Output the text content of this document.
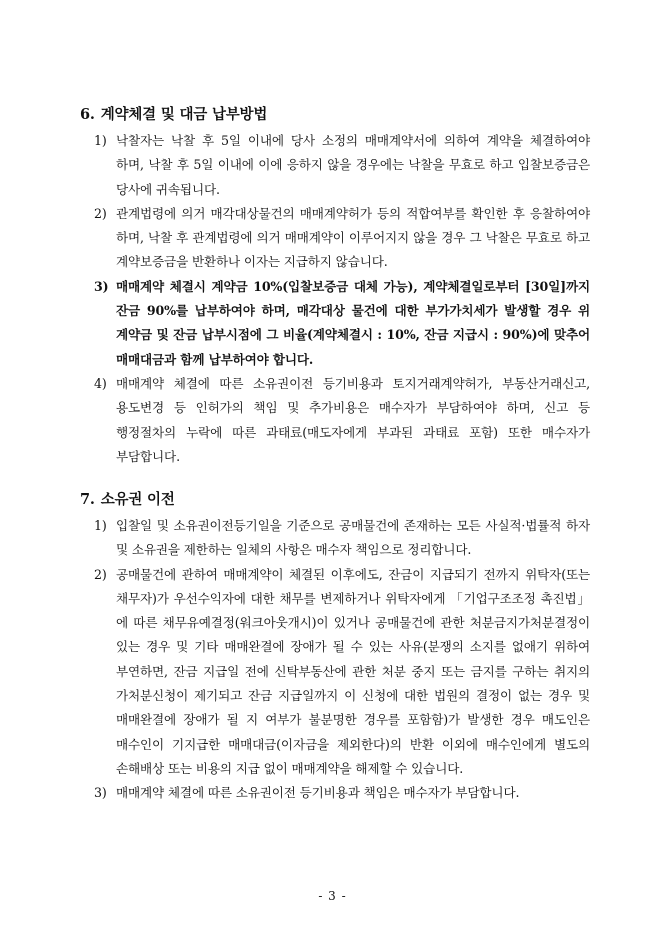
6. 계약체결 및 대금 납부방법
1) 낙찰자는 낙찰 후 5일 이내에 당사 소정의 매매계약서에 의하여 계약을 체결하여야 하며, 낙찰 후 5일 이내에 이에 응하지 않을 경우에는 낙찰을 무효로 하고 입찰보증금은 당사에 귀속됩니다.
2) 관계법령에 의거 매각대상물건의 매매계약허가 등의 적합여부를 확인한 후 응찰하여야 하며, 낙찰 후 관계법령에 의거 매매계약이 이루어지지 않을 경우 그 낙찰은 무효로 하고 계약보증금을 반환하나 이자는 지급하지 않습니다.
3) 매매계약 체결시 계약금 10%(입찰보증금 대체 가능), 계약체결일로부터 [30일]까지 잔금 90%를 납부하여야 하며, 매각대상 물건에 대한 부가가치세가 발생할 경우 위 계약금 및 잔금 납부시점에 그 비율(계약체결시 : 10%, 잔금 지급시 : 90%)에 맞추어 매매대금과 함께 납부하여야 합니다.
4) 매매계약 체결에 따른 소유권이전 등기비용과 토지거래계약허가, 부동산거래신고, 용도변경 등 인허가의 책임 및 추가비용은 매수자가 부담하여야 하며, 신고 등 행정절차의 누락에 따른 과태료(매도자에게 부과된 과태료 포함) 또한 매수자가 부담합니다.
7. 소유권 이전
1) 입찰일 및 소유권이전등기일을 기준으로 공매물건에 존재하는 모든 사실적·법률적 하자 및 소유권을 제한하는 일체의 사항은 매수자 책임으로 정리합니다.
2) 공매물건에 관하여 매매계약이 체결된 이후에도, 잔금이 지급되기 전까지 위탁자(또는 채무자)가 우선수익자에 대한 채무를 변제하거나 위탁자에게 「기업구조조정 촉진법」에 따른 채무유예결정(워크아웃개시)이 있거나 공매물건에 관한 처분금지가처분결정이 있는 경우 및 기타 매매완결에 장애가 될 수 있는 사유(분쟁의 소지를 없애기 위하여 부연하면, 잔금 지급일 전에 신탁부동산에 관한 처분 중지 또는 금지를 구하는 취지의 가처분신청이 제기되고 잔금 지급일까지 이 신청에 대한 법원의 결정이 없는 경우 및 매매완결에 장애가 될 지 여부가 불분명한 경우를 포함함)가 발생한 경우 매도인은 매수인이 기지급한 매매대금(이자금을 제외한다)의 반환 이외에 매수인에게 별도의 손해배상 또는 비용의 지급 없이 매매계약을 해제할 수 있습니다.
3) 매매계약 체결에 따른 소유권이전 등기비용과 책임은 매수자가 부담합니다.
- 3 -
